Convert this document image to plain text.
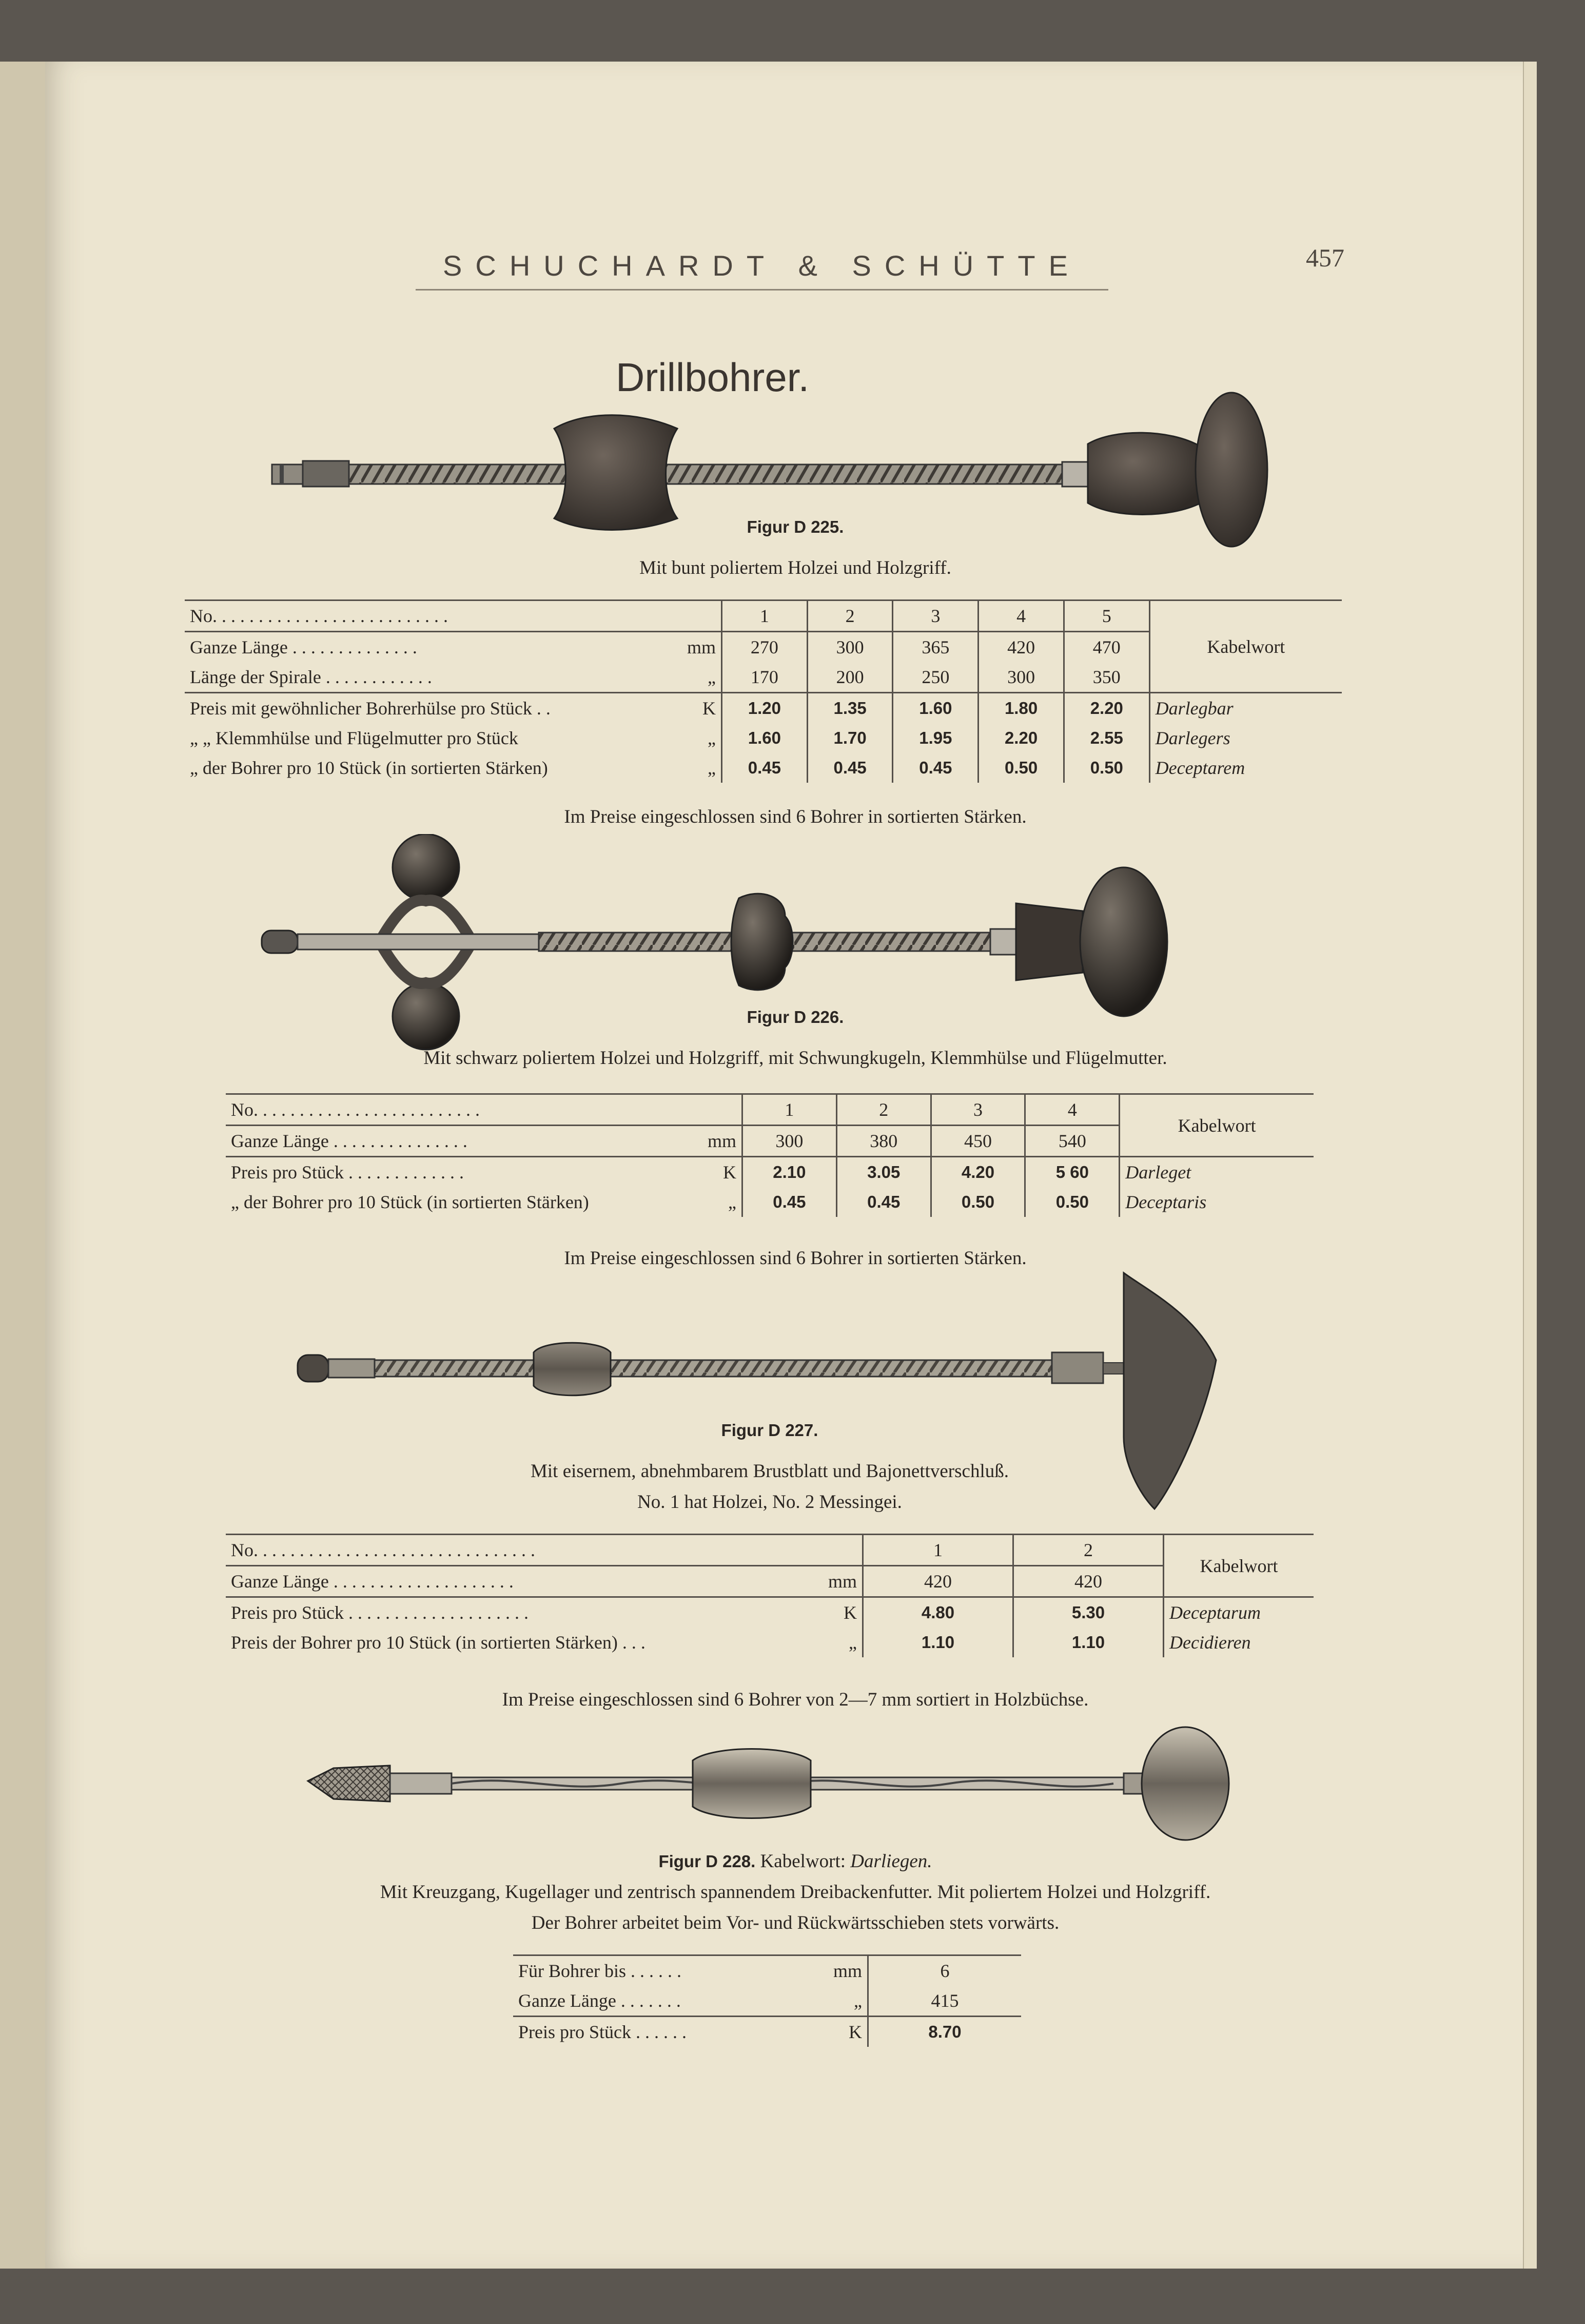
SCHUCHARDT & SCHÜTTE	457
Drillbohrer.
Figur D 225.
Mit bunt poliertem Holzei und Holzgriff.
No. . . . . . . . . . . . . . . . . . . . . . . . . .	1	2	3	4	5	Kabelwort
Ganze Länge . . . . . . . . . . . . . . mm	270	300	365	420	470	
Länge der Spirale . . . . . . . . . . . . „	170	200	250	300	350	
Preis mit gewöhnlicher Bohrerhülse pro Stück . . K	1.20	1.35	1.60	1.80	2.20	Darlegbar
„ „ Klemmhülse und Flügelmutter pro Stück „	1.60	1.70	1.95	2.20	2.55	Darlegers
„ der Bohrer pro 10 Stück (in sortierten Stärken) „	0.45	0.45	0.45	0.50	0.50	Deceptarem
Im Preise eingeschlossen sind 6 Bohrer in sortierten Stärken.
Figur D 226.
Mit schwarz poliertem Holzei und Holzgriff, mit Schwungkugeln, Klemmhülse und Flügelmutter.
No. . . . . . . . . . . . . . . . . . . . . . . . .	1	2	3	4	Kabelwort
Ganze Länge . . . . . . . . . . . . . . . mm	300	380	450	540	
Preis pro Stück . . . . . . . . . . . . . K	2.10	3.05	4.20	5 60	Darleget
„ der Bohrer pro 10 Stück (in sortierten Stärken) „	0.45	0.45	0.50	0.50	Deceptaris
Im Preise eingeschlossen sind 6 Bohrer in sortierten Stärken.
Figur D 227.
Mit eisernem, abnehmbarem Brustblatt und Bajonettverschluß.
No. 1 hat Holzei, No. 2 Messingei.
No. . . . . . . . . . . . . . . . . . . . . . . . . . . . . . .	1	2	Kabelwort
Ganze Länge . . . . . . . . . . . . . . . . . . . . mm	420	420	
Preis pro Stück . . . . . . . . . . . . . . . . . . . . K	4.80	5.30	Deceptarum
Preis der Bohrer pro 10 Stück (in sortierten Stärken) . . . „	1.10	1.10	Decidieren
Im Preise eingeschlossen sind 6 Bohrer von 2—7 mm sortiert in Holzbüchse.
Figur D 228. Kabelwort: Darliegen.
Mit Kreuzgang, Kugellager und zentrisch spannendem Dreibackenfutter. Mit poliertem Holzei und Holzgriff.
Der Bohrer arbeitet beim Vor- und Rückwärtsschieben stets vorwärts.
Für Bohrer bis . . . . . . mm	6
Ganze Länge . . . . . . . „	415
Preis pro Stück . . . . . . K	8.70
